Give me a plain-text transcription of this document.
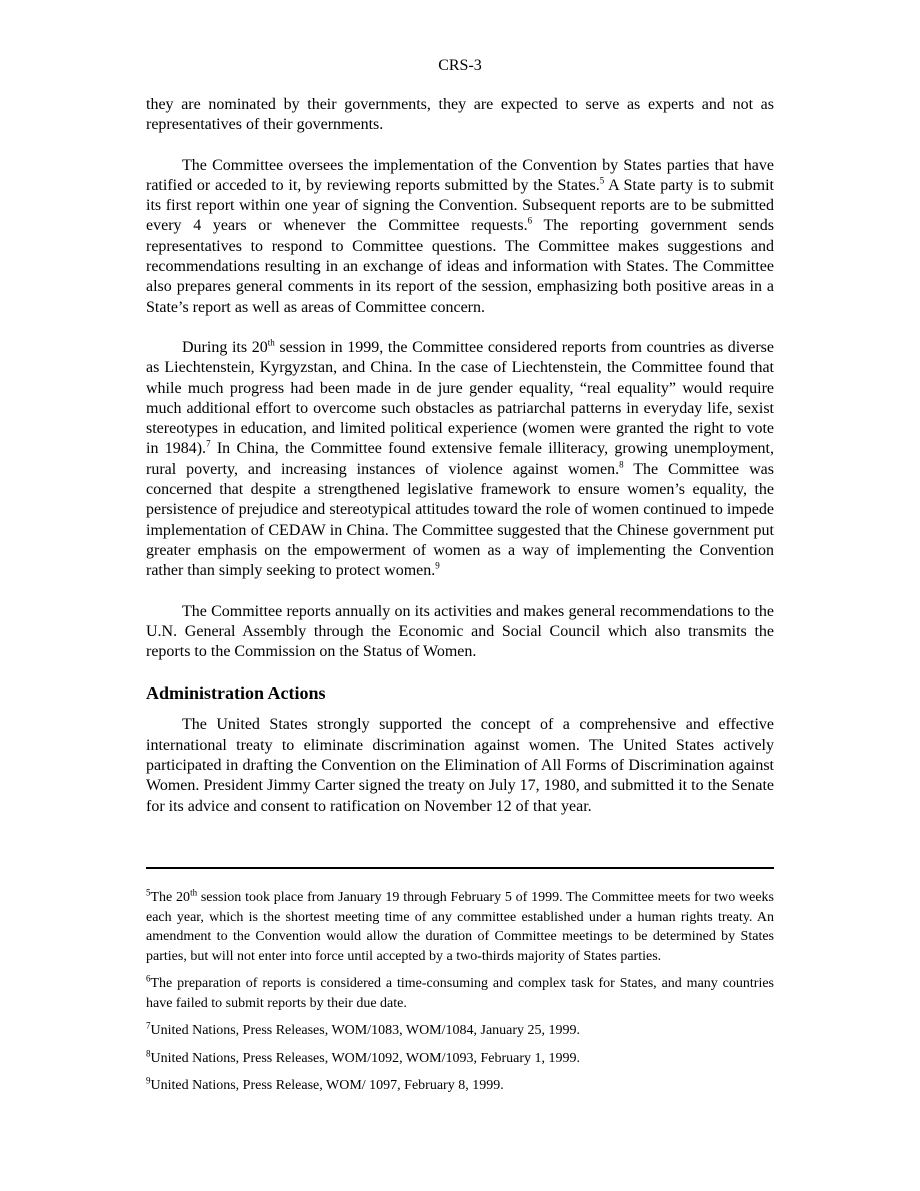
CRS-3

they are nominated by their governments, they are expected to serve as experts and not as representatives of their governments.

The Committee oversees the implementation of the Convention by States parties that have ratified or acceded to it, by reviewing reports submitted by the States.$^5$ A State party is to submit its first report within one year of signing the Convention. Subsequent reports are to be submitted every 4 years or whenever the Committee requests.$^6$ The reporting government sends representatives to respond to Committee questions. The Committee makes suggestions and recommendations resulting in an exchange of ideas and information with States. The Committee also prepares general comments in its report of the session, emphasizing both positive areas in a State’s report as well as areas of Committee concern.

During its 20th session in 1999, the Committee considered reports from countries as diverse as Liechtenstein, Kyrgyzstan, and China. In the case of Liechtenstein, the Committee found that while much progress had been made in de jure gender equality, “real equality” would require much additional effort to overcome such obstacles as patriarchal patterns in everyday life, sexist stereotypes in education, and limited political experience (women were granted the right to vote in 1984).$^7$ In China, the Committee found extensive female illiteracy, growing unemployment, rural poverty, and increasing instances of violence against women.$^8$ The Committee was concerned that despite a strengthened legislative framework to ensure women’s equality, the persistence of prejudice and stereotypical attitudes toward the role of women continued to impede implementation of CEDAW in China. The Committee suggested that the Chinese government put greater emphasis on the empowerment of women as a way of implementing the Convention rather than simply seeking to protect women.$^9$

The Committee reports annually on its activities and makes general recommendations to the U.N. General Assembly through the Economic and Social Council which also transmits the reports to the Commission on the Status of Women.

Administration Actions

The United States strongly supported the concept of a comprehensive and effective international treaty to eliminate discrimination against women. The United States actively participated in drafting the Convention on the Elimination of All Forms of Discrimination against Women. President Jimmy Carter signed the treaty on July 17, 1980, and submitted it to the Senate for its advice and consent to ratification on November 12 of that year.

$^5$The 20th session took place from January 19 through February 5 of 1999. The Committee meets for two weeks each year, which is the shortest meeting time of any committee established under a human rights treaty. An amendment to the Convention would allow the duration of Committee meetings to be determined by States parties, but will not enter into force until accepted by a two-thirds majority of States parties.

$^6$The preparation of reports is considered a time-consuming and complex task for States, and many countries have failed to submit reports by their due date.

$^7$United Nations, Press Releases, WOM/1083, WOM/1084, January 25, 1999.

$^8$United Nations, Press Releases, WOM/1092, WOM/1093, February 1, 1999.

$^9$United Nations, Press Release, WOM/ 1097, February 8, 1999.
